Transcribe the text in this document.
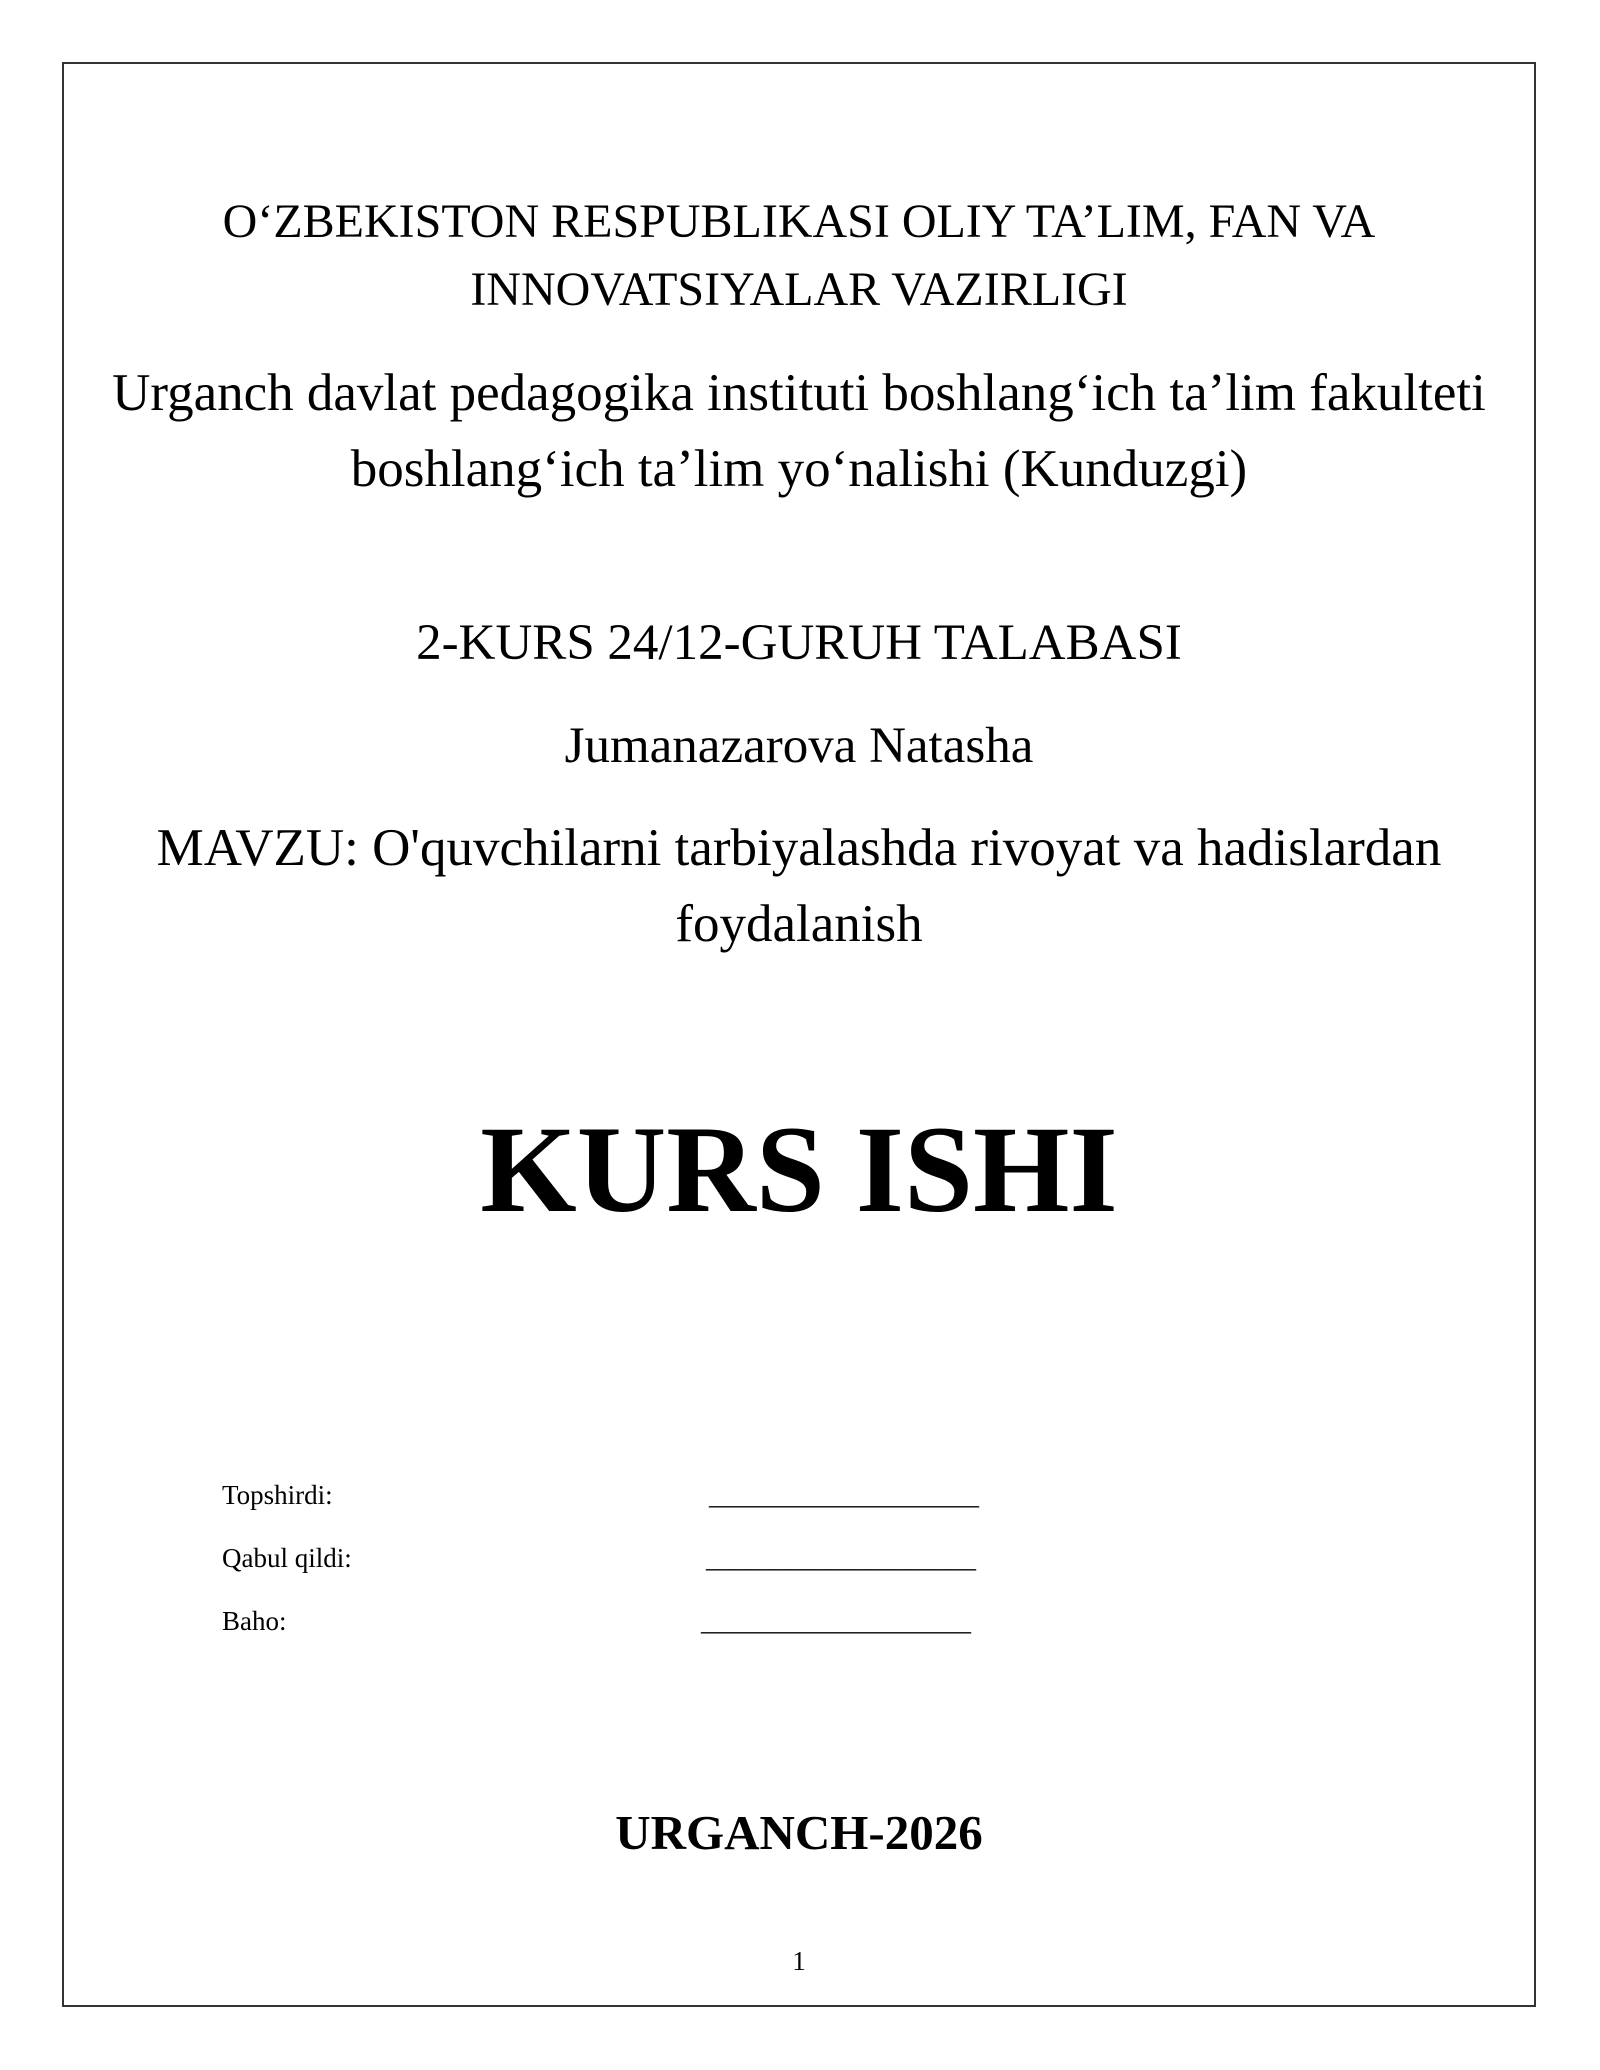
O‘ZBEKISTON RESPUBLIKASI OLIY TA’LIM, FAN VA INNOVATSIYALAR VAZIRLIGI

Urganch davlat pedagogika instituti boshlang‘ich ta’lim fakulteti boshlang‘ich ta’lim yo‘nalishi (Kunduzgi)

2-KURS 24/12-GURUH TALABASI

Jumanazarova Natasha

MAVZU: O'quvchilarni tarbiyalashda rivoyat va hadislardan foydalanish

KURS ISHI

Topshirdi:	____________________
Qabul qildi:	____________________
Baho:	____________________

URGANCH-2026

1
